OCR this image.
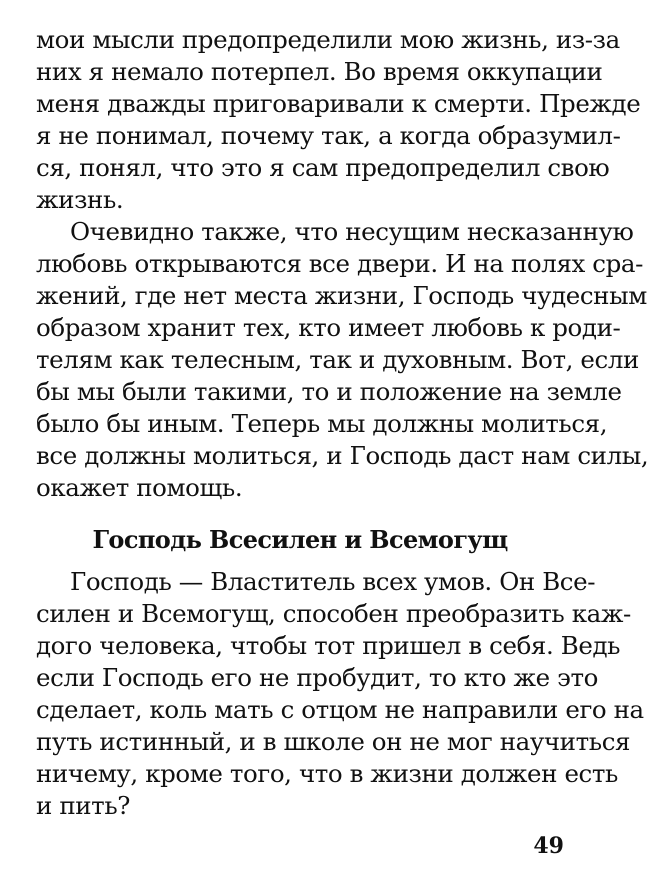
мои мысли предопределили мою жизнь, из-за
них я немало потерпел. Во время оккупации
меня дважды приговаривали к смерти. Прежде
я не понимал, почему так, а когда образумил-
ся, понял, что это я сам предопределил свою
жизнь.
Очевидно также, что несущим несказанную
любовь открываются все двери. И на полях сра-
жений, где нет места жизни, Господь чудесным
образом хранит тех, кто имеет любовь к роди-
телям как телесным, так и духовным. Вот, если
бы мы были такими, то и положение на земле
было бы иным. Теперь мы должны молиться,
все должны молиться, и Господь даст нам силы,
окажет помощь.
Господь Всесилен и Всемогущ
Господь — Властитель всех умов. Он Все-
силен и Всемогущ, способен преобразить каж-
дого человека, чтобы тот пришел в себя. Ведь
если Господь его не пробудит, то кто же это
сделает, коль мать с отцом не направили его на
путь истинный, и в школе он не мог научиться
ничему, кроме того, что в жизни должен есть
и пить?
49
